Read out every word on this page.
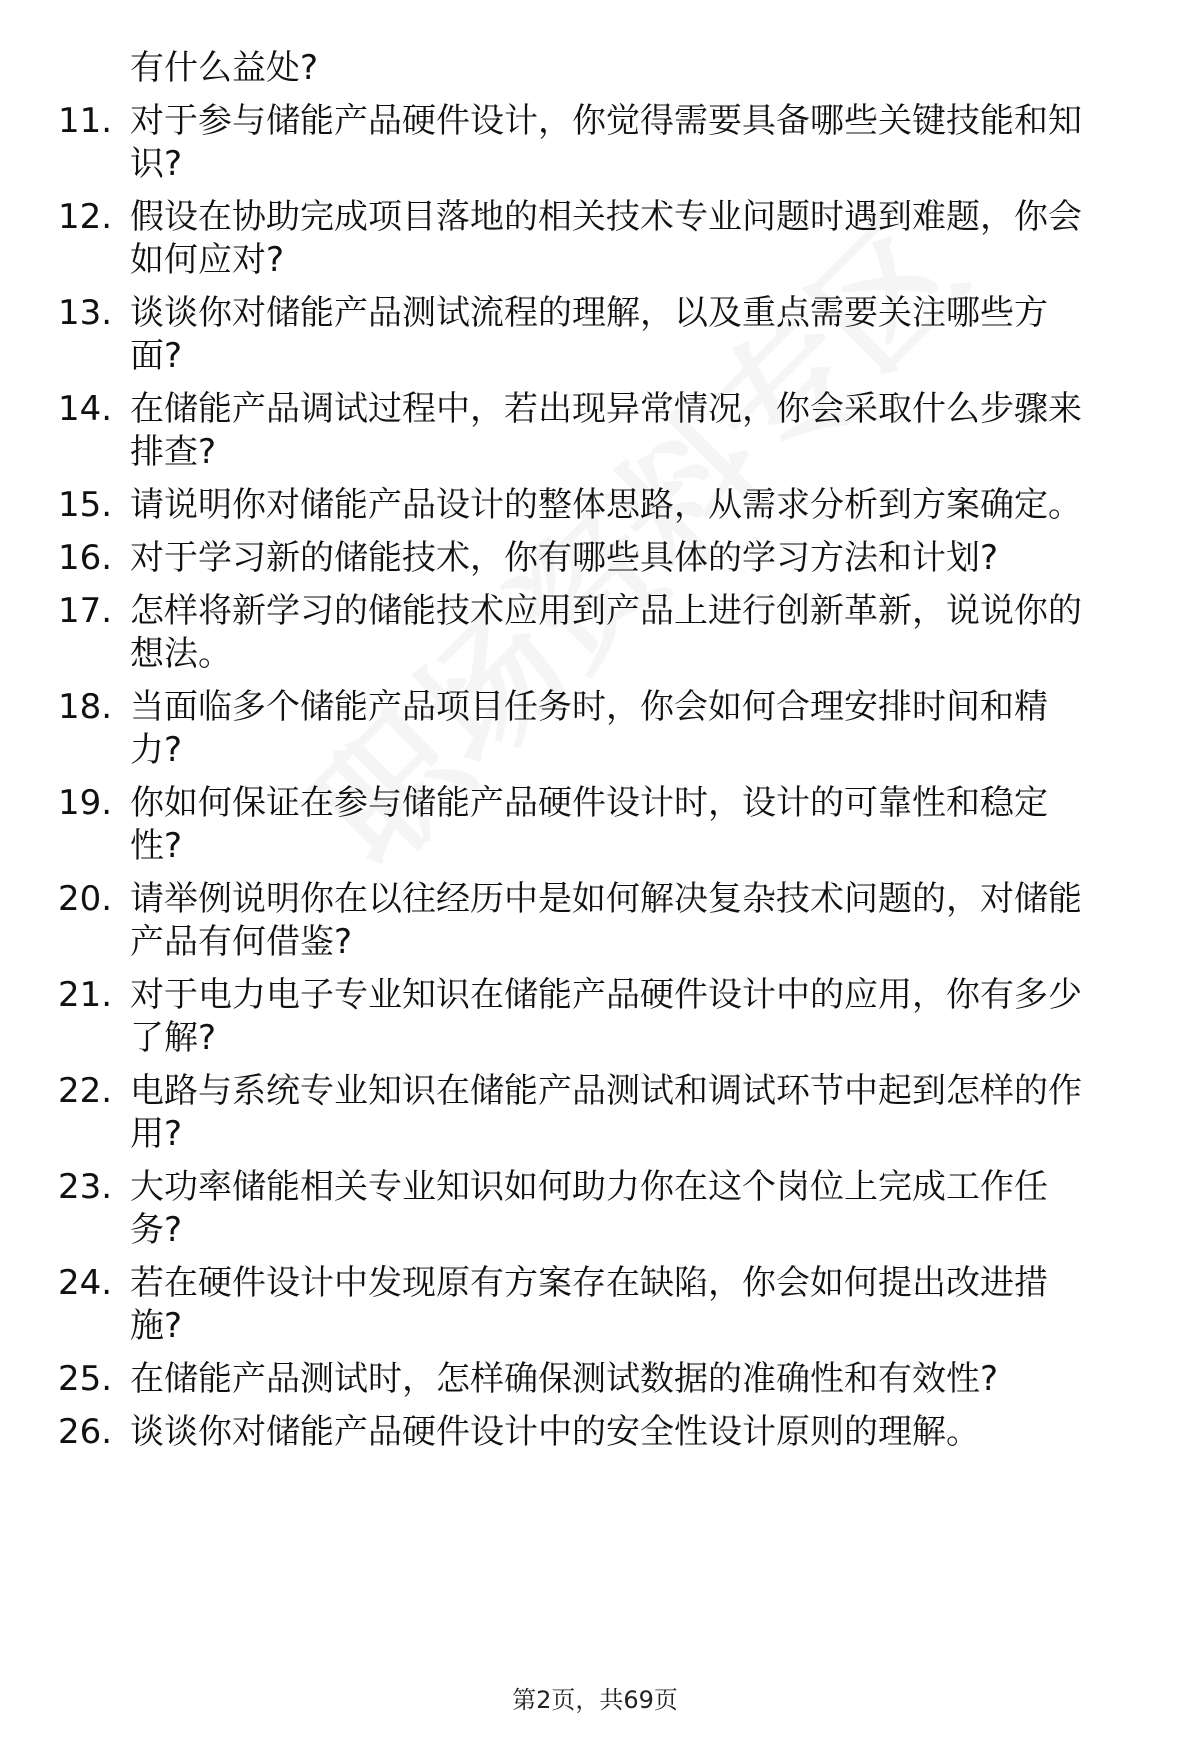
有什么益处?
11. 对于参与储能产品硬件设计，你觉得需要具备哪些关键技能和知
识?
12. 假设在协助完成项目落地的相关技术专业问题时遇到难题，你会
如何应对?
13. 谈谈你对储能产品测试流程的理解，以及重点需要关注哪些方
面?
14. 在储能产品调试过程中，若出现异常情况，你会采取什么步骤来
排查?
15. 请说明你对储能产品设计的整体思路，从需求分析到方案确定。
16. 对于学习新的储能技术，你有哪些具体的学习方法和计划?
17. 怎样将新学习的储能技术应用到产品上进行创新革新，说说你的
想法。
18. 当面临多个储能产品项目任务时，你会如何合理安排时间和精
力?
19. 你如何保证在参与储能产品硬件设计时，设计的可靠性和稳定
性?
20. 请举例说明你在以往经历中是如何解决复杂技术问题的，对储能
产品有何借鉴?
21. 对于电力电子专业知识在储能产品硬件设计中的应用，你有多少
了解?
22. 电路与系统专业知识在储能产品测试和调试环节中起到怎样的作
用?
23. 大功率储能相关专业知识如何助力你在这个岗位上完成工作任
务?
24. 若在硬件设计中发现原有方案存在缺陷，你会如何提出改进措
施?
25. 在储能产品测试时，怎样确保测试数据的准确性和有效性?
26. 谈谈你对储能产品硬件设计中的安全性设计原则的理解。
第2页，共69页
